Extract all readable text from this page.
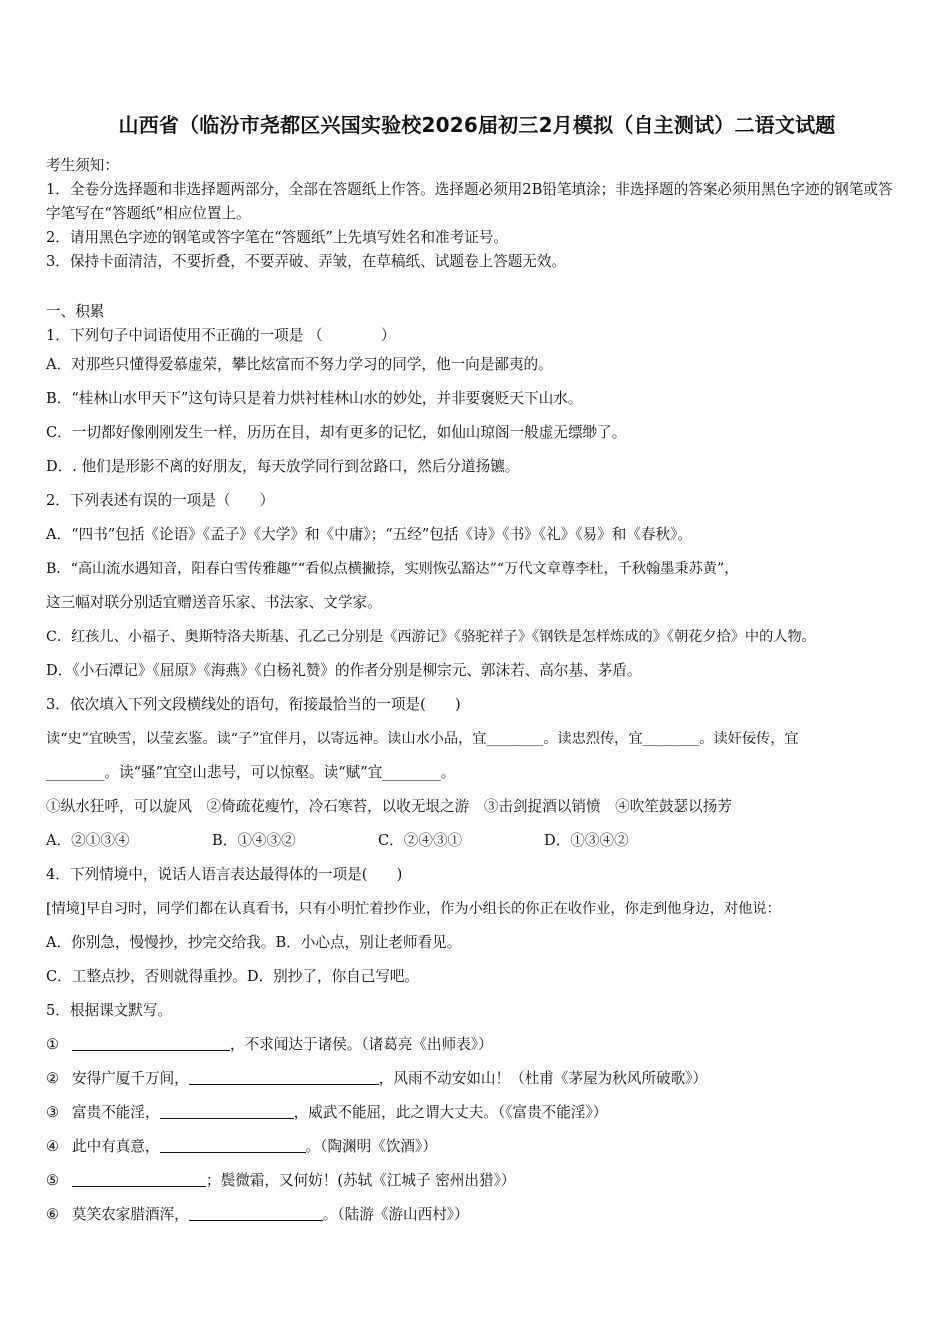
山西省（临汾市尧都区兴国实验校2026届初三2月模拟（自主测试）二语文试题
考生须知：
1．全卷分选择题和非选择题两部分，全部在答题纸上作答。选择题必须用2B铅笔填涂；非选择题的答案必须用黑色字迹的钢笔或答字笔写在“答题纸”相应位置上。
2．请用黑色字迹的钢笔或答字笔在“答题纸”上先填写姓名和准考证号。
3．保持卡面清洁，不要折叠，不要弄破、弄皱，在草稿纸、试题卷上答题无效。
一、积累
1．下列句子中词语使用不正确的一项是 （　　　　）
A．对那些只懂得爱慕虚荣，攀比炫富而不努力学习的同学，他一向是鄙夷的。
B．“桂林山水甲天下”这句诗只是着力烘衬桂林山水的妙处，并非要褒贬天下山水。
C．一切都好像刚刚发生一样，历历在目，却有更多的记忆，如仙山琼阁一般虚无缥缈了。
D．. 他们是形影不离的好朋友，每天放学同行到岔路口，然后分道扬镳。
2．下列表述有误的一项是（　　）
A．“四书”包括《论语》《孟子》《大学》和《中庸》；“五经”包括《诗》《书》《礼》《易》和《春秋》。
B．“高山流水遇知音，阳春白雪传雅趣”“看似点横撇捺，实则恢弘豁达”“万代文章尊李杜，千秋翰墨秉苏黄”，
这三幅对联分别适宜赠送音乐家、书法家、文学家。
C．红孩儿、小福子、奥斯特洛夫斯基、孔乙己分别是《西游记》《骆驼祥子》《钢铁是怎样炼成的》《朝花夕拾》中的人物。
D．《小石潭记》《屈原》《海燕》《白杨礼赞》的作者分别是柳宗元、郭沫若、高尔基、茅盾。
3．依次填入下列文段横线处的语句，衔接最恰当的一项是(　　)
读“史”宜映雪，以莹玄鉴。读“子”宜伴月，以寄远神。读山水小品，宜________。读忠烈传，宜________。读奸佞传，宜
________。读“骚”宜空山悲号，可以惊壑。读“赋”宜________。
①纵水狂呼，可以旋风　②倚疏花瘦竹，冷石寒苔，以收无垠之游　③击剑捉酒以销愤　④吹笙鼓瑟以扬芳
A．②①③④	B．①④③②	C．②④③①	D．①③④②
4．下列情境中，说话人语言表达最得体的一项是(　　)
[情境]早自习时，同学们都在认真看书，只有小明忙着抄作业，作为小组长的你正在收作业，你走到他身边，对他说：
A．你别急，慢慢抄，抄完交给我。B．小心点，别让老师看见。
C．工整点抄，否则就得重抄。D．别抄了，你自己写吧。
5．根据课文默写。
①	，不求闻达于诸侯。（诸葛亮《出师表》）
② 安得广厦千万间，	，风雨不动安如山！（杜甫《茅屋为秋风所破歌》）
③ 富贵不能淫，	，威武不能屈，此之谓大丈夫。（《富贵不能淫》）
④ 此中有真意，	。（陶渊明《饮酒》）
⑤	；鬓微霜，又何妨！(苏轼《江城子 密州出猎》）
⑥ 莫笑农家腊酒浑，	。（陆游《游山西村》）
